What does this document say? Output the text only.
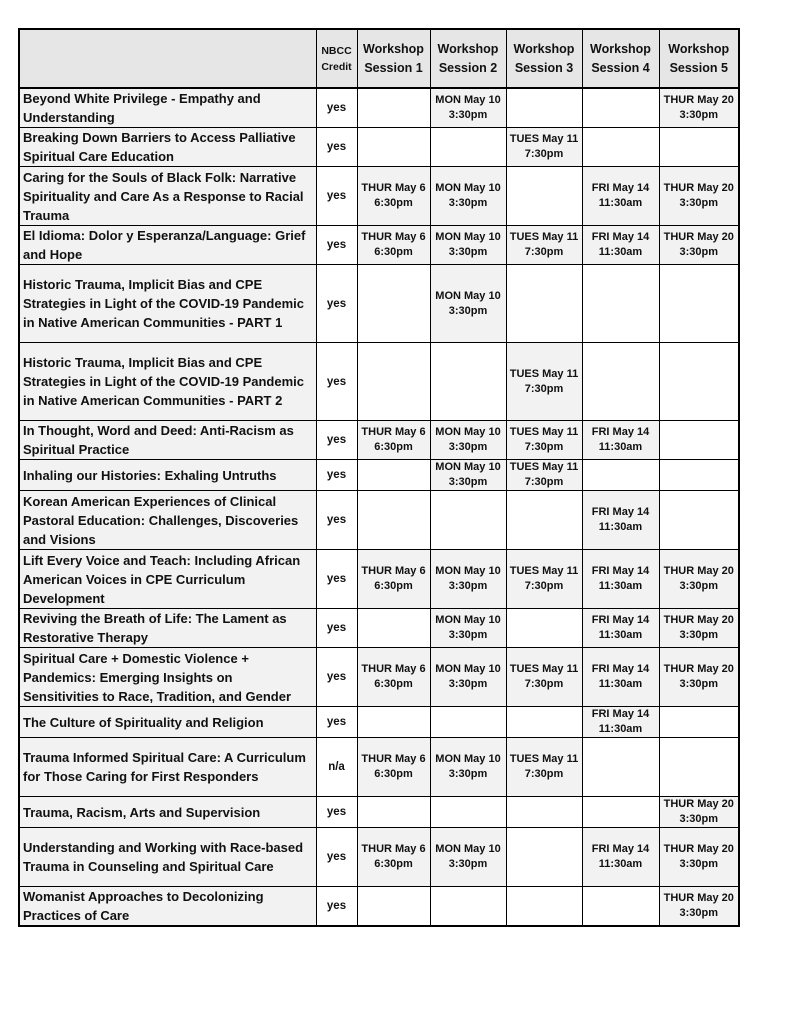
	NBCC
Credit	Workshop
Session 1	Workshop
Session 2	Workshop
Session 3	Workshop
Session 4	Workshop
Session 5

Beyond White Privilege - Empathy and Understanding	yes		MON May 10
3:30pm			THUR May 20
3:30pm

Breaking Down Barriers to Access Palliative Spiritual Care Education	yes			TUES May 11
7:30pm		

Caring for the Souls of Black Folk: Narrative Spirituality and Care As a Response to Racial Trauma	yes	THUR May 6
6:30pm	MON May 10
3:30pm		FRI May 14
11:30am	THUR May 20
3:30pm

El Idioma: Dolor y Esperanza/Language: Grief and Hope	yes	THUR May 6
6:30pm	MON May 10
3:30pm	TUES May 11
7:30pm	FRI May 14
11:30am	THUR May 20
3:30pm

Historic Trauma, Implicit Bias and CPE Strategies in Light of the COVID-19 Pandemic in Native American Communities - PART 1	yes		MON May 10
3:30pm			

Historic Trauma, Implicit Bias and CPE Strategies in Light of the COVID-19 Pandemic in Native American Communities - PART 2	yes			TUES May 11
7:30pm		

In Thought, Word and Deed: Anti-Racism as Spiritual Practice	yes	THUR May 6
6:30pm	MON May 10
3:30pm	TUES May 11
7:30pm	FRI May 14
11:30am	

Inhaling our Histories: Exhaling Untruths	yes		MON May 10
3:30pm	TUES May 11
7:30pm		

Korean American Experiences of Clinical Pastoral Education: Challenges, Discoveries and Visions	yes				FRI May 14
11:30am	

Lift Every Voice and Teach: Including African American Voices in CPE Curriculum Development	yes	THUR May 6
6:30pm	MON May 10
3:30pm	TUES May 11
7:30pm	FRI May 14
11:30am	THUR May 20
3:30pm

Reviving the Breath of Life: The Lament as Restorative Therapy	yes		MON May 10
3:30pm		FRI May 14
11:30am	THUR May 20
3:30pm

Spiritual Care + Domestic Violence + Pandemics: Emerging Insights on Sensitivities to Race, Tradition, and Gender	yes	THUR May 6
6:30pm	MON May 10
3:30pm	TUES May 11
7:30pm	FRI May 14
11:30am	THUR May 20
3:30pm

The Culture of Spirituality and Religion	yes				FRI May 14
11:30am	

Trauma Informed Spiritual Care: A Curriculum for Those Caring for First Responders	n/a	THUR May 6
6:30pm	MON May 10
3:30pm	TUES May 11
7:30pm		

Trauma, Racism, Arts and Supervision	yes					THUR May 20
3:30pm

Understanding and Working with Race-based Trauma in Counseling and Spiritual Care	yes	THUR May 6
6:30pm	MON May 10
3:30pm		FRI May 14
11:30am	THUR May 20
3:30pm

Womanist Approaches to Decolonizing Practices of Care	yes					THUR May 20
3:30pm
